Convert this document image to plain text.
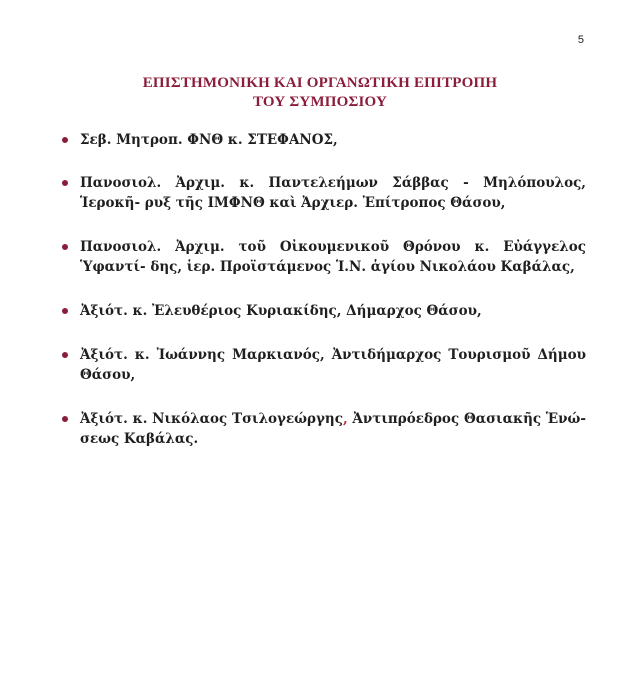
5
ΕΠΙΣΤΗΜΟΝΙΚΗ ΚΑΙ ΟΡΓΑΝΩΤΙΚΗ ΕΠΙΤΡΟΠΗ
ΤΟΥ ΣΥΜΠΟΣΙΟΥ
Σεβ. Μητροπ. ΦΝΘ κ. ΣΤΕΦΑΝΟΣ,
Πανοσιολ. Ἀρχιμ. κ. Παντελεήμων Σάββας - Μηλόπουλος, Ἱεροκῆ- ρυξ τῆς ΙΜΦΝΘ καὶ Ἀρχιερ. Ἐπίτροπος Θάσου,
Πανοσιολ. Ἀρχιμ. τοῦ Οἰκουμενικοῦ Θρόνου κ. Εὐάγγελος Ὑφαντί- δης, ἱερ. Προϊστάμενος Ἱ.Ν. ἁγίου Νικολάου Καβάλας,
Ἀξιότ. κ. Ἐλευθέριος Κυριακίδης, Δήμαρχος Θάσου,
Ἀξιότ. κ. Ἰωάννης Μαρκιανός, Ἀντιδήμαρχος Τουρισμοῦ Δήμου Θάσου,
Ἀξιότ. κ. Νικόλαος Τσιλογεώργης, Ἀντιπρόεδρος Θασιακῆς Ἑνώ- σεως Καβάλας.
